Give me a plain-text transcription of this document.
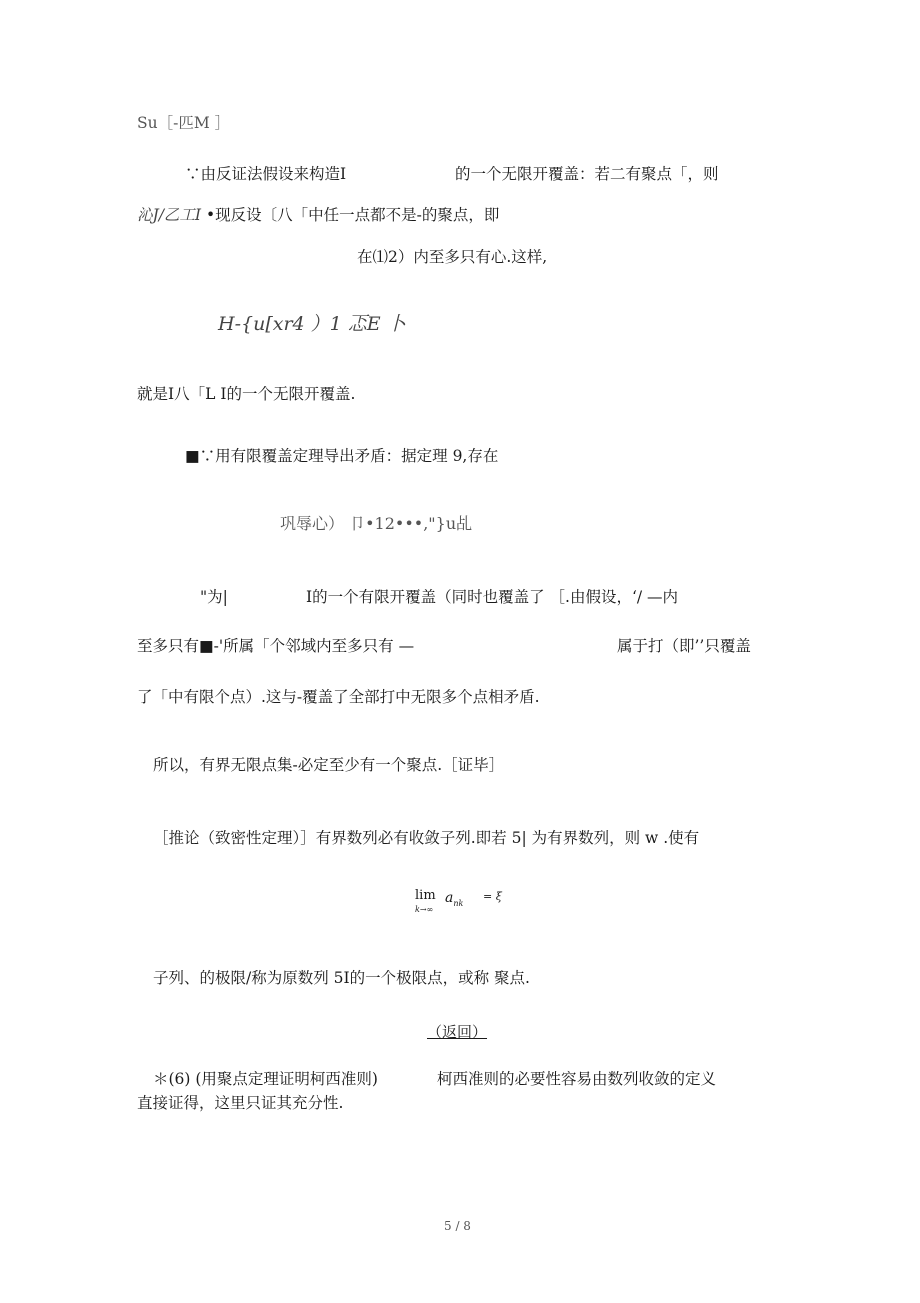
Su［-匹M ］
∵由反证法假设来构造I	的一个无限开覆盖：若二有聚点「，则
沁J/乙工I •现反设〔八「中任一点都不是-的聚点，即
在⑴2）内至多只有心.这样,
H-{u[xr4 ）1 忑E 卜
就是I八「L I的一个无限开覆盖.
■∵用有限覆盖定理导出矛盾：据定理 9,存在
巩辱心） 卩•12•••,"}u乩
"为|	I的一个有限开覆盖（同时也覆盖了 ［.由假设，‘/ —内
至多只有■-'所属「个邻域内至多只有 —	属于打（即’’只覆盖
了「中有限个点）.这与-覆盖了全部打中无限多个点相矛盾.
所以，有界无限点集-必定至少有一个聚点.［证毕］
［推论（致密性定理）］有界数列必有收敛子列.即若 5| 为有界数列，则 w .使有
lim
k→∞
$a_{nk}$
= ξ
子列、的极限/称为原数列 5I的一个极限点，或称 聚点.
（返回）
＊(6) (用聚点定理证明柯西准则)	柯西准则的必要性容易由数列收敛的定义
直接证得，这里只证其充分性.
5 / 8
